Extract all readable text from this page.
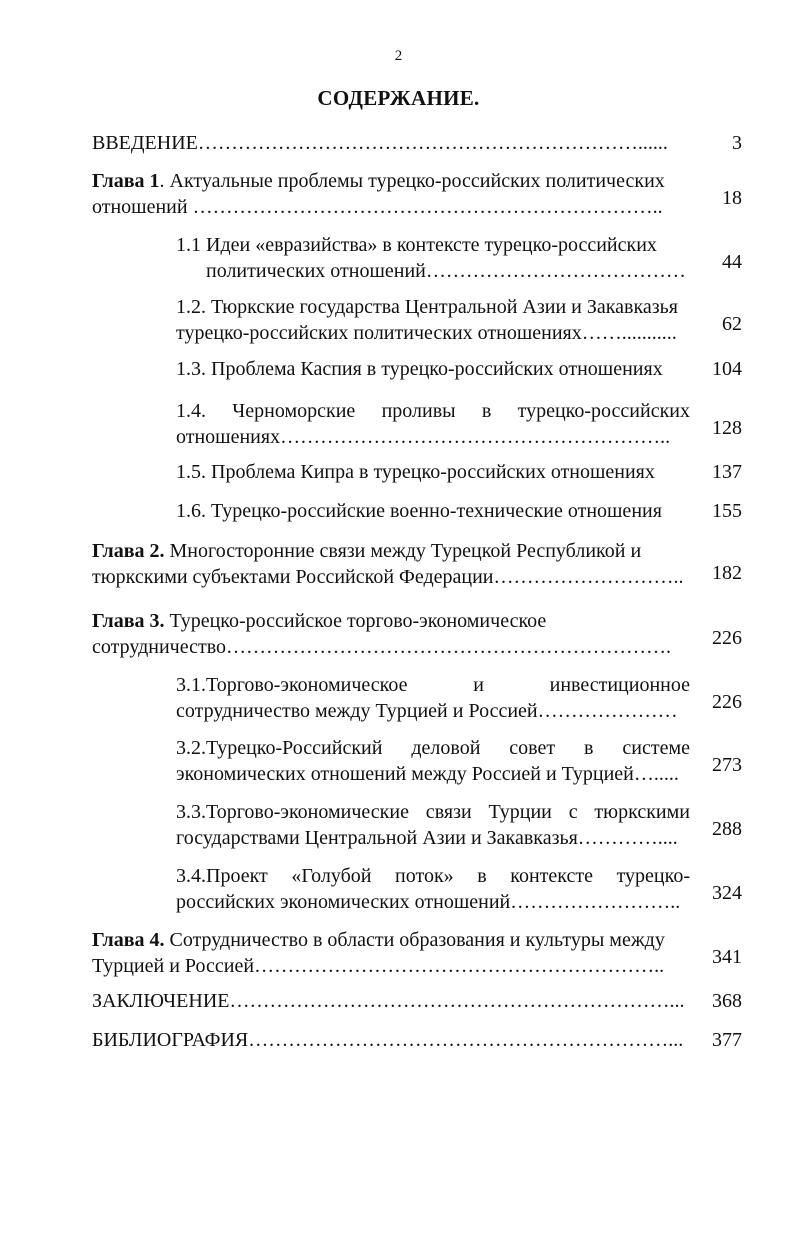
2
СОДЕРЖАНИЕ.
ВВЕДЕНИЕ…………………………………………………………......	3
Глава 1. Актуальные проблемы турецко-российских политических
отношений ……………………………………………………………..	18
1.1 Идеи «евразийства» в контексте турецко-российских
политических отношений…………………………………	44
1.2. Тюркские государства Центральной Азии и Закавказья
турецко-российских политических отношениях……...........	62
1.3. Проблема Каспия в турецко-российских отношениях	104
1.4. Черноморские проливы в турецко-российских
отношениях…………………………………………………..	128
1.5. Проблема Кипра в турецко-российских отношениях	137
1.6. Турецко-российские военно-технические отношения	155
Глава 2. Многосторонние связи между Турецкой Республикой и
тюркскими субъектами Российской Федерации………………………..	182
Глава 3. Турецко-российское торгово-экономическое
сотрудничество………………………………………………………….	226
3.1.Торгово-экономическое и инвестиционное
сотрудничество между Турцией и Россией…………………	226
3.2.Турецко-Российский деловой совет в системе
экономических отношений между Россией и Турцией….....	273
3.3.Торгово-экономические связи Турции с тюркскими
государствами Центральной Азии и Закавказья…………....	288
3.4.Проект «Голубой поток» в контексте турецко-
российских экономических отношений……………………..	324
Глава 4. Сотрудничество в области образования и культуры между
Турцией и Россией……………………………………………………..	341
ЗАКЛЮЧЕНИЕ…………………………………………………………...	368
БИБЛИОГРАФИЯ………………………………………………………...	377
